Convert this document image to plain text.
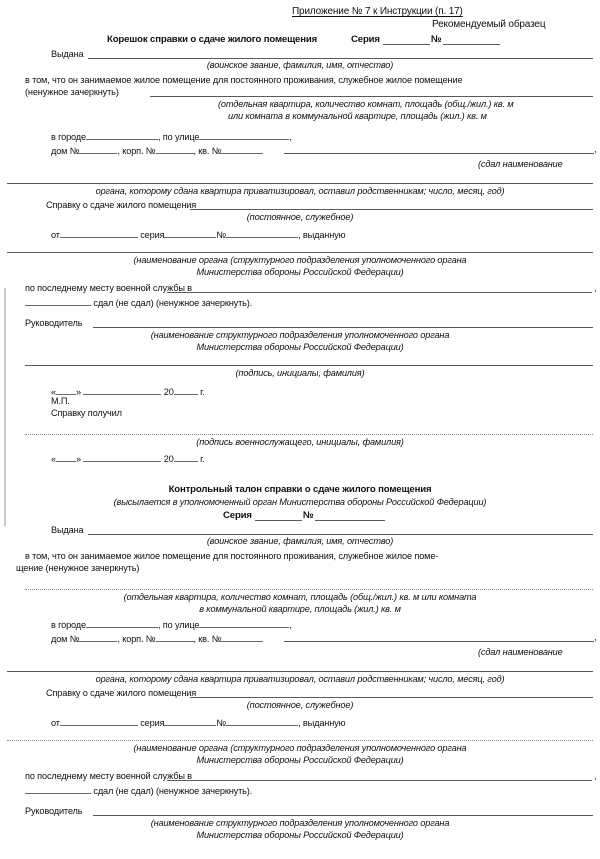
Приложение № 7 к Инструкции (п. 17)
Рекомендуемый образец
Корешок справки о сдаче жилого помещения	Серия	№
Выдана
(воинское звание, фамилия, имя, отчество)
в том, что он занимаемое жилое помещение для постоянного проживания, служебное жилое помещение
(ненужное зачеркнуть)
(отдельная квартира, количество комнат, площадь (общ./жил.) кв. м
или комната в коммунальной квартире, площадь (жил.) кв. м
в городе	, по улице	,
дом №	, корп. №	, кв. №	,
(сдал наименование
органа, которому сдана квартира приватизировал, оставил родственникам; число, месяц, год)
Справку о сдаче жилого помещения
(постоянное, служебное)
от	серия	№	, выданную
(наименование органа (структурного подразделения уполномоченного органа
Министерства обороны Российской Федерации)
по последнему месту военной службы в	,
сдал (не сдал) (ненужное зачеркнуть).
Руководитель
(наименование структурного подразделения уполномоченного органа
Министерства обороны Российской Федерации)
(подпись, инициалы, фамилия)
« »	20	г.
М.П.
Справку получил
(подпись военнослужащего, инициалы, фамилия)
« »	20	г.
Контрольный талон справки о сдаче жилого помещения
(высылается в уполномоченный орган Министерства обороны Российской Федерации)
Серия	№
Выдана
(воинское звание, фамилия, имя, отчество)
в том, что он занимаемое жилое помещение для постоянного проживания, служебное жилое поме-
щение (ненужное зачеркнуть)
(отдельная квартира, количество комнат, площадь (общ./жил.) кв. м или комната
в коммунальной квартире, площадь (жил.) кв. м
в городе	, по улице	,
дом №	, корп. №	, кв. №	,
(сдал наименование
органа, которому сдана квартира приватизировал, оставил родственникам; число, месяц, год)
Справку о сдаче жилого помещения
(постоянное, служебное)
от	серия	№	, выданную
(наименование органа (структурного подразделения уполномоченного органа
Министерства обороны Российской Федерации)
по последнему месту военной службы в	,
сдал (не сдал) (ненужное зачеркнуть).
Руководитель
(наименование структурного подразделения уполномоченного органа
Министерства обороны Российской Федерации)
